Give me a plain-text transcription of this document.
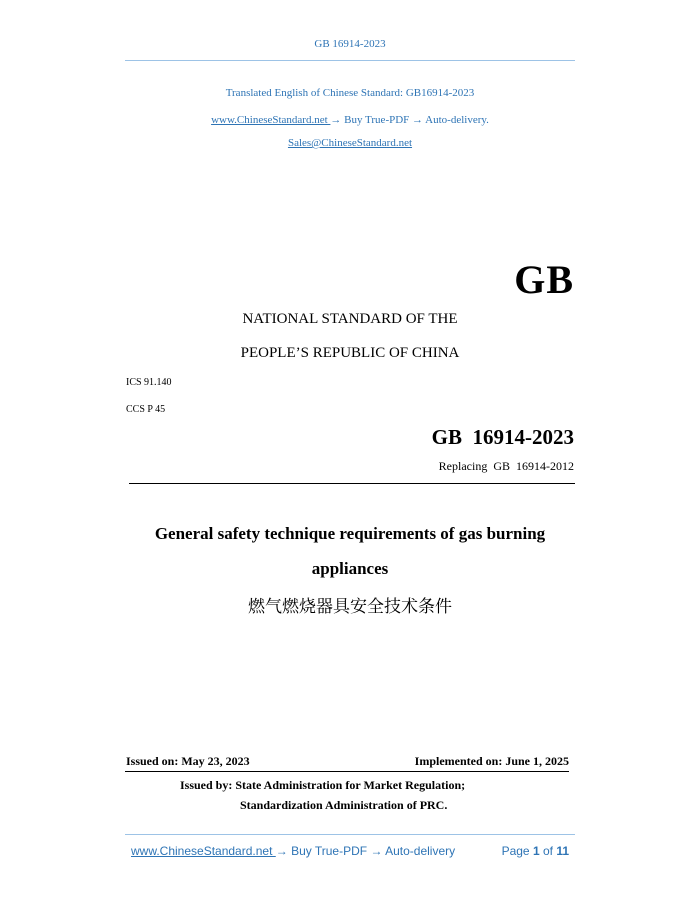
GB 16914-2023
Translated English of Chinese Standard: GB16914-2023
www.ChineseStandard.net → Buy True-PDF → Auto-delivery.
Sales@ChineseStandard.net
GB
NATIONAL STANDARD OF THE
PEOPLE’S REPUBLIC OF CHINA
ICS 91.140
CCS P 45
GB  16914-2023
Replacing  GB  16914-2012
General safety technique requirements of gas burning
appliances
燃气燃烧器具安全技术条件
Issued on: May 23, 2023	Implemented on: June 1, 2025
Issued by: State Administration for Market Regulation;
Standardization Administration of PRC.
www.ChineseStandard.net → Buy True-PDF → Auto-delivery	Page 1 of 11
